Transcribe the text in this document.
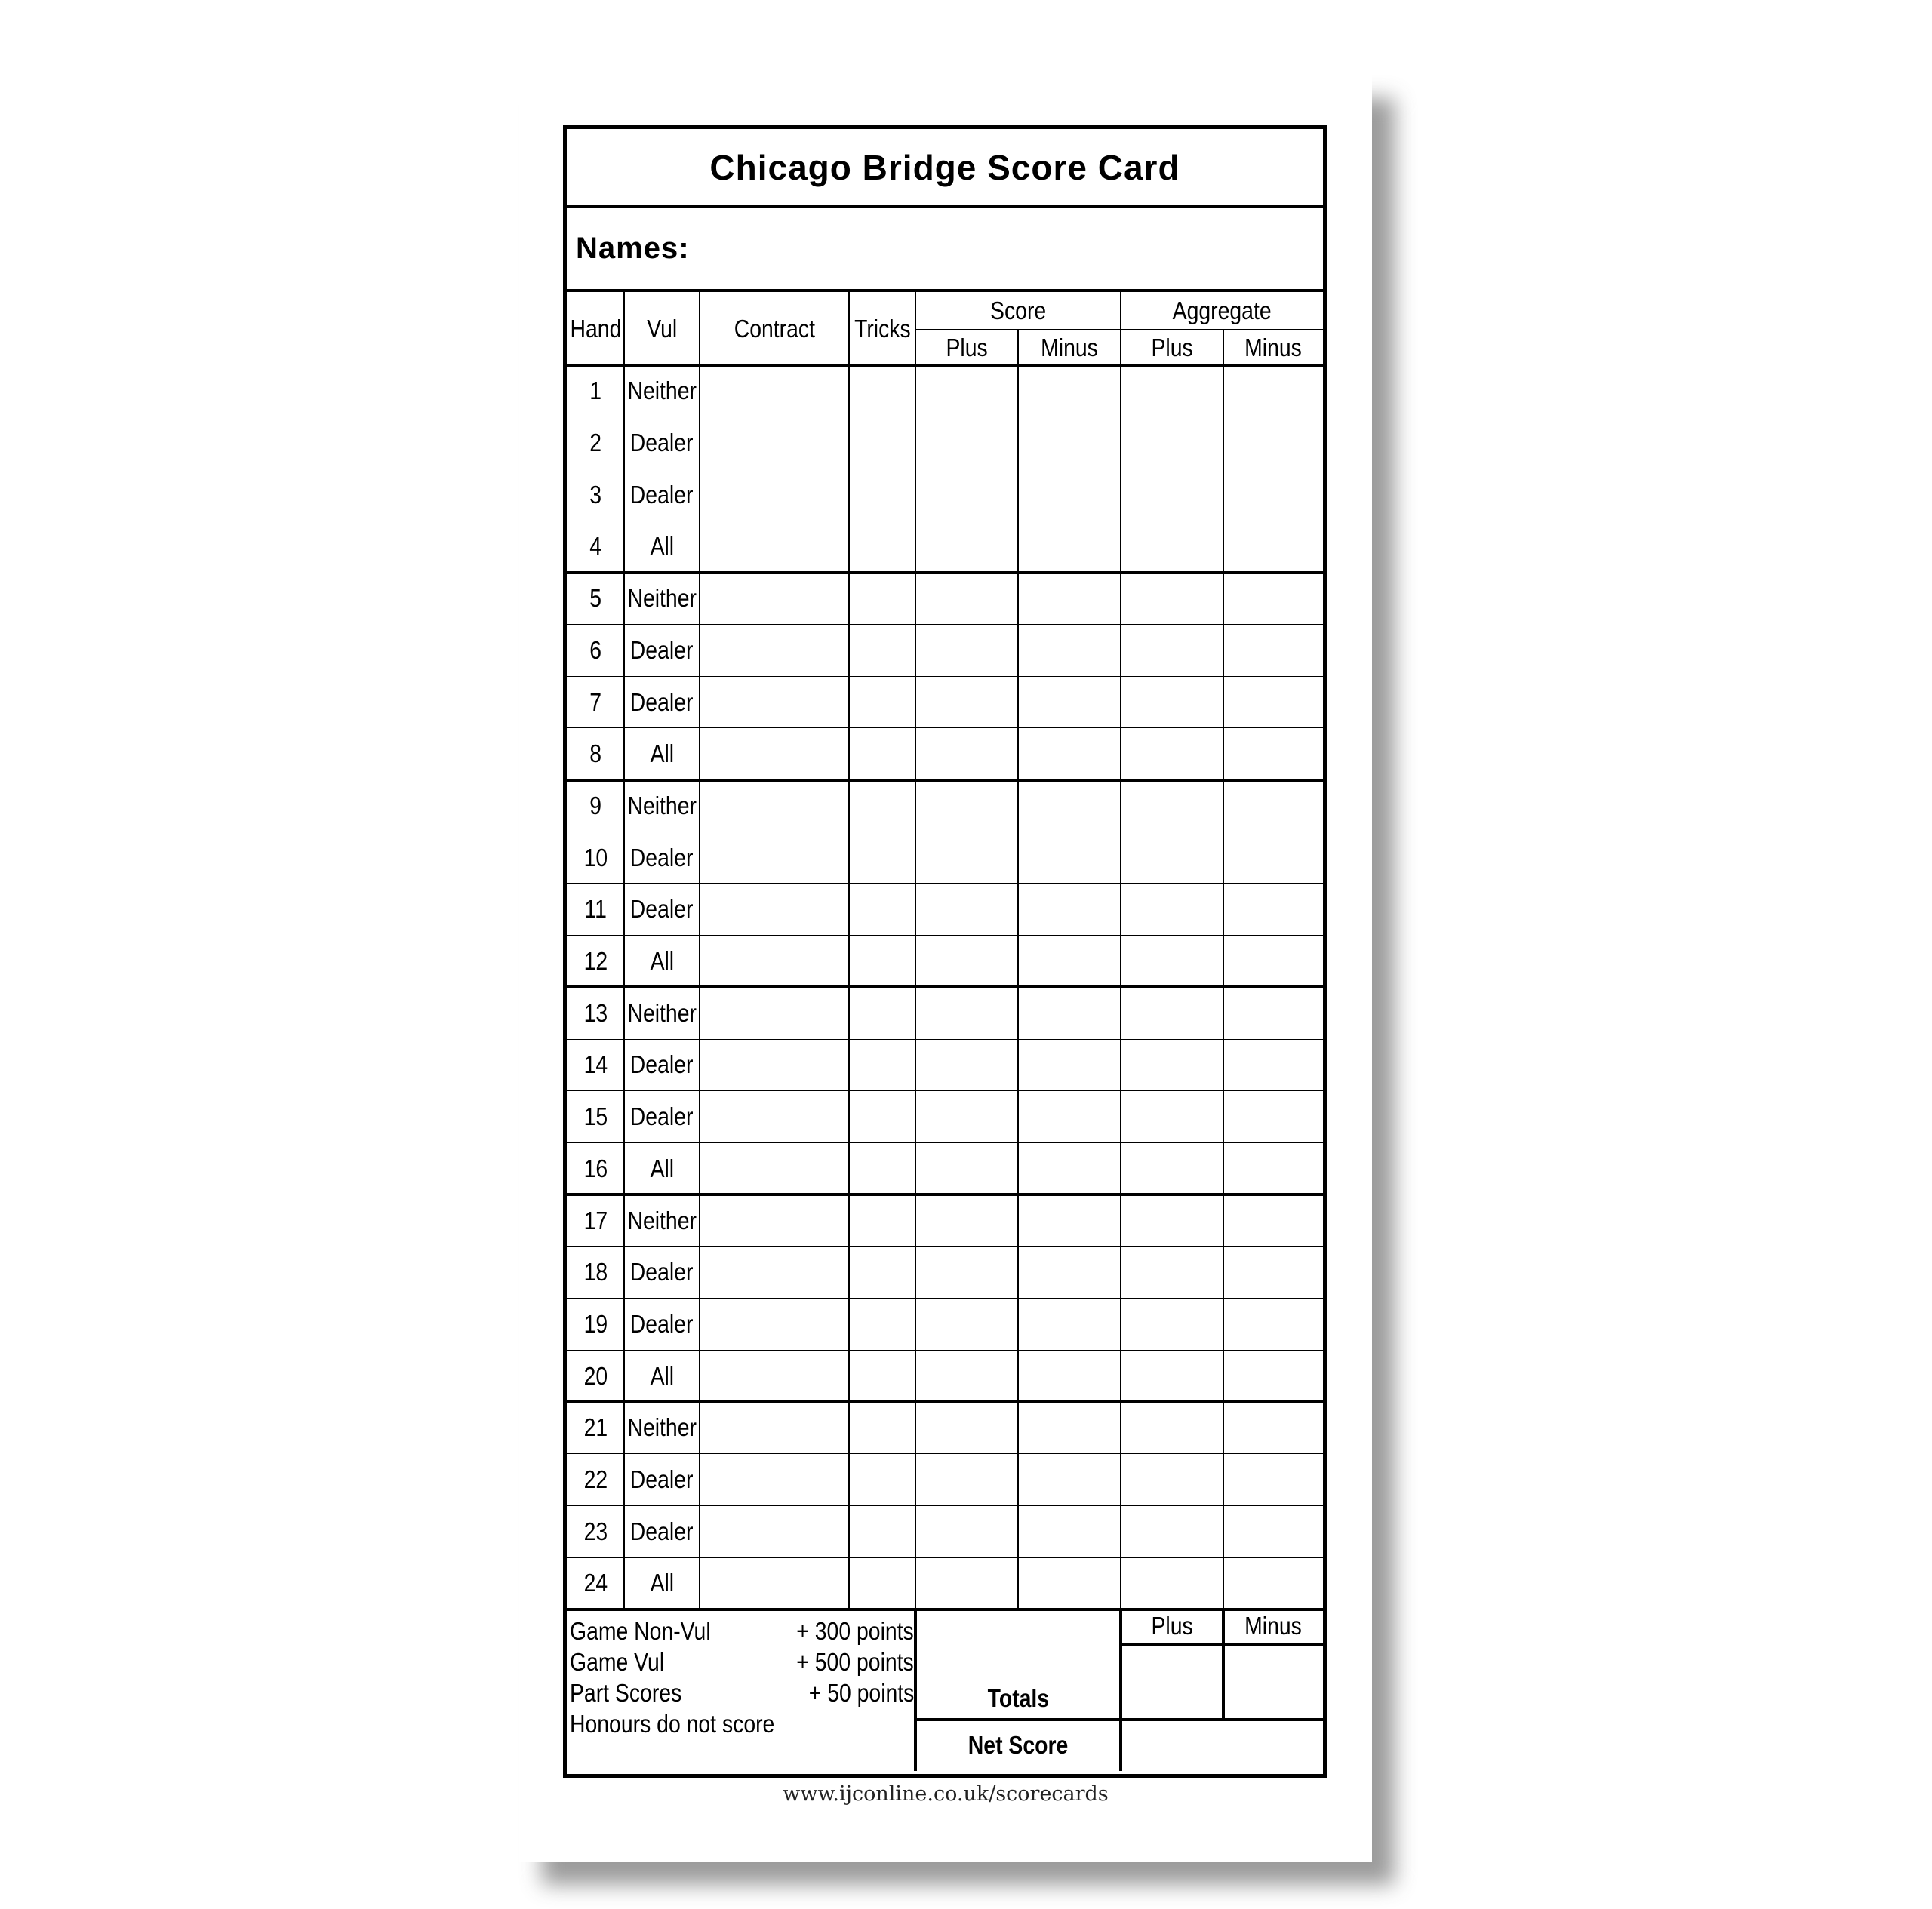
Chicago Bridge Score Card
Names:
Hand Vul Contract Tricks
Score	Aggregate
Plus Minus Plus Minus
1 Neither
2 Dealer
3 Dealer
4 All
5 Neither
6 Dealer
7 Dealer
8 All
9 Neither
10 Dealer
11 Dealer
12 All
13 Neither
14 Dealer
15 Dealer
16 All
17 Neither
18 Dealer
19 Dealer
20 All
21 Neither
22 Dealer
23 Dealer
24 All
Plus Minus
Totals
Net Score
Game Non-Vul	+ 300 points
Game Vul	+ 500 points
Part Scores	+ 50 points
Honours do not score
www.ijconline.co.uk/scorecards
